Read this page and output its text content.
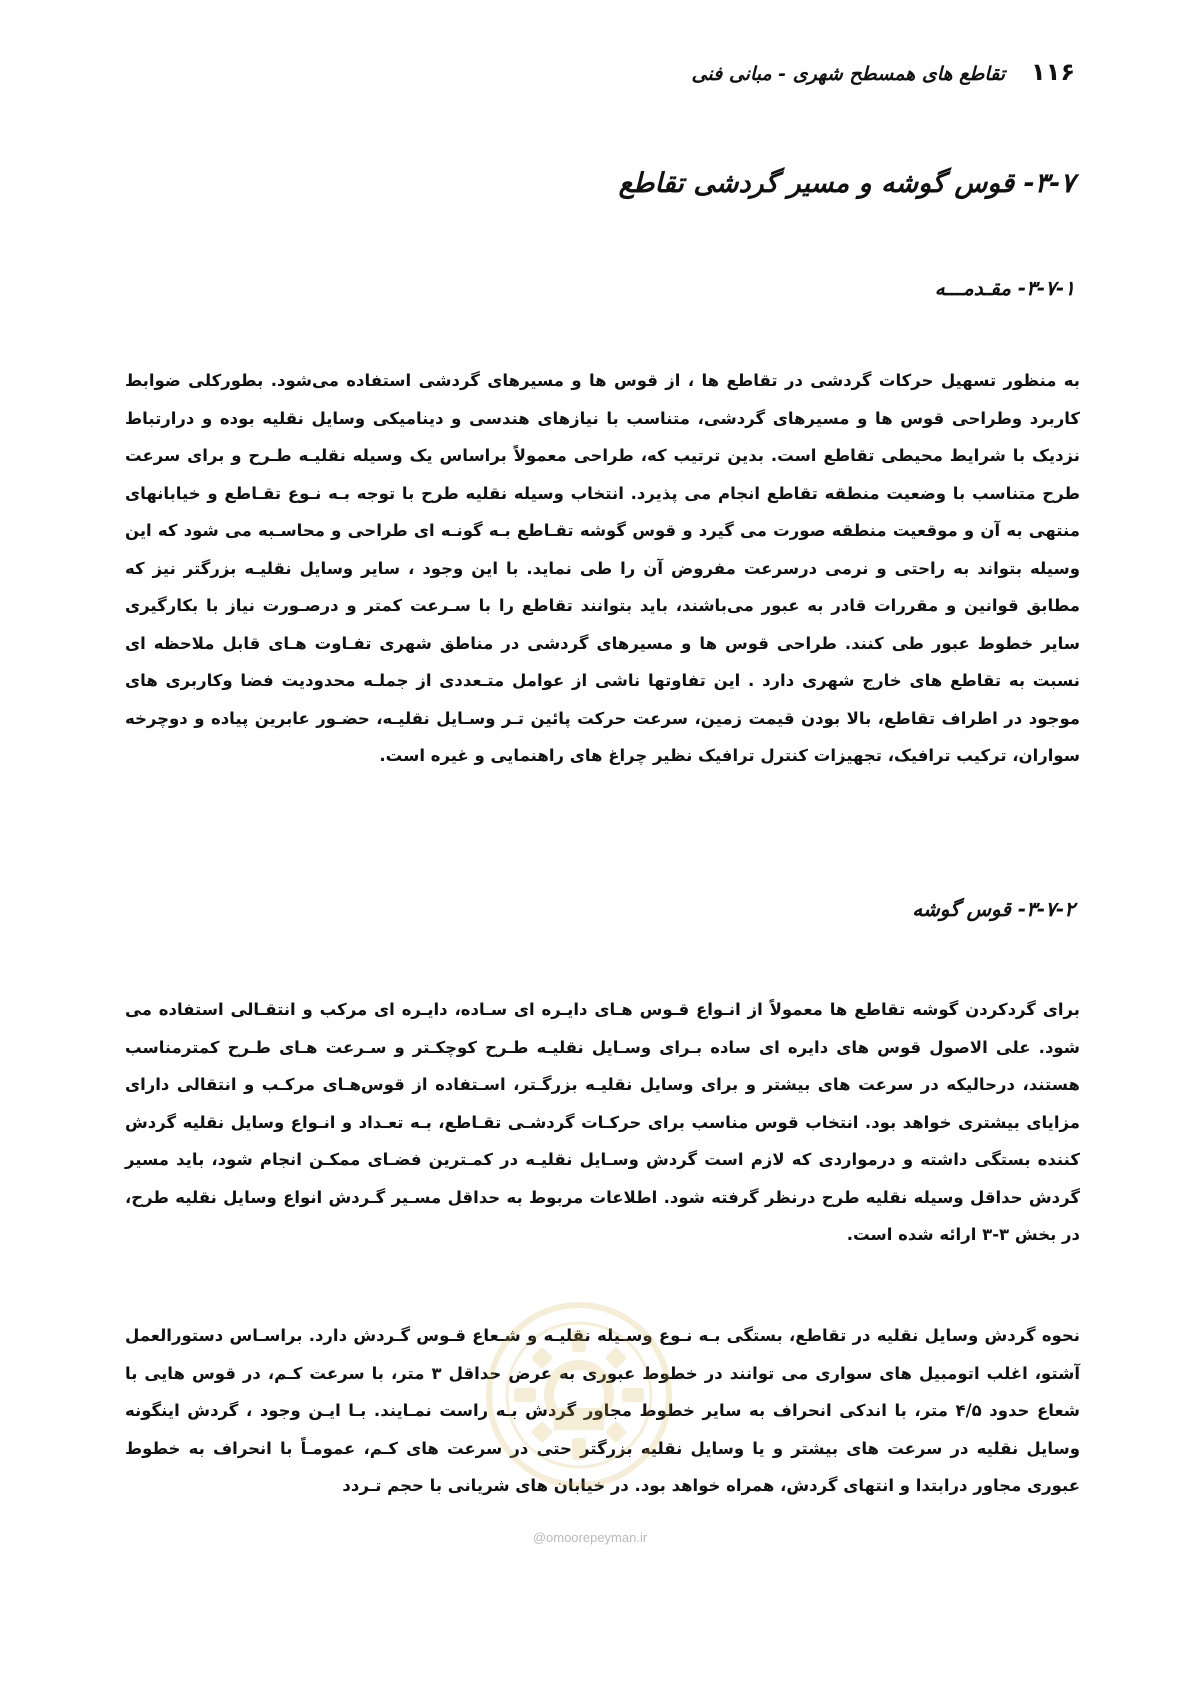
۱۱۶
تقاطع های همسطح شهری - مبانی فنی
۳-۷- قوس گوشه و مسیر گردشی تقاطع
۳-۷-۱- مقـدمـــه

به منظور تسهیل حرکات گردشی در تقاطع ها ، از قوس ها و مسیرهای گردشی استفاده می‌شود. بطورکلی ضوابط کاربرد وطراحی قوس ها و مسیرهای گردشی، متناسب با نیازهای هندسی و دینامیکی وسایل نقلیه بوده و درارتباط نزدیک با شرایط محیطی تقاطع است. بدین ترتیب که، طراحی معمولاً براساس یک وسیله نقلیـه طـرح و برای سرعت طرح متناسب با وضعیت منطقه تقاطع انجام می پذیرد. انتخاب وسیله نقلیه طرح با توجه بـه نـوع تقـاطع و خیابانهای منتهی به آن و موقعیت منطقه صورت می گیرد و قوس گوشه تقـاطع بـه گونـه ای طراحی و محاسـبه می شود که این وسیله بتواند به راحتی و نرمی درسرعت مفروض آن را طی نماید. با این وجود ، سایر وسایل نقلیـه بزرگتر نیز که مطابق قوانین و مقررات قادر به عبور می‌باشند، باید بتوانند تقاطع را با سـرعت کمتر و درصـورت نیاز با بکارگیری سایر خطوط عبور طی کنند. طراحی قوس ها و مسیرهای گردشی در مناطق شهری تفـاوت هـای قابل ملاحظه ای نسبت به تقاطع های خارج شهری دارد . این تفاوتها ناشی از عوامل متـعددی از جملـه محدودیت فضا وکاربری های موجود در اطراف تقاطع، بالا بودن قیمت زمین، سرعت حرکت پائین تـر وسـایل نقلیـه، حضـور عابرین پیاده و دوچرخه سواران، ترکیب ترافیک، تجهیزات کنترل ترافیک نظیر چراغ های راهنمایی و غیره است.

۳-۷-۲- قوس گوشه

برای گردکردن گوشه تقاطع ها معمولاً از انـواع قـوس هـای دایـره ای سـاده، دایـره ای مرکب و انتقـالی استفاده می شود. علی الاصول قوس های دایره ای ساده بـرای وسـایل نقلیـه طـرح کوچکـتر و سـرعت هـای طـرح کمترمناسب هستند، درحالیکه در سرعت های بیشتر و برای وسایل نقلیـه بزرگـتر، اسـتفاده از قوس‌هـای مرکـب و انتقالی دارای مزایای بیشتری خواهد بود. انتخاب قوس مناسب برای حرکـات گردشـی تقـاطع، بـه تعـداد و انـواع وسایل نقلیه گردش کننده بستگی داشته و درمواردی که لازم است گردش وسـایل نقلیـه در کمـترین فضـای ممکـن انجام شود، باید مسیر گردش حداقل وسیله نقلیه طرح درنظر گرفته شود. اطلاعات مربوط به حداقل مسـیر گـردش انواع وسایل نقلیه طرح، در بخش ۳-۳ ارائه شده است.

نحوه گردش وسایل نقلیه در تقاطع، بستگی بـه نـوع وسـیله نقلیـه و شـعاع قـوس گـردش دارد. براسـاس دستورالعمل آشتو، اغلب اتومبیل های سواری می توانند در خطوط عبوری به عرض حداقل ۳ متر، با سرعت کـم، در قوس هایی با شعاع حدود ۴/۵ متر، با اندکی انحراف به سایر خطوط مجاور گردش بـه راست نمـایند. بـا ایـن وجود ، گردش اینگونه وسایل نقلیه در سرعت های بیشتر و یا وسایل نقلیه بزرگتر حتی در سرعت های کـم، عمومـاً با انحراف به خطوط عبوری مجاور درابتدا و انتهای گردش، همراه خواهد بود. در خیابان های شریانی با حجم تـردد

@omoorepeyman.ir
